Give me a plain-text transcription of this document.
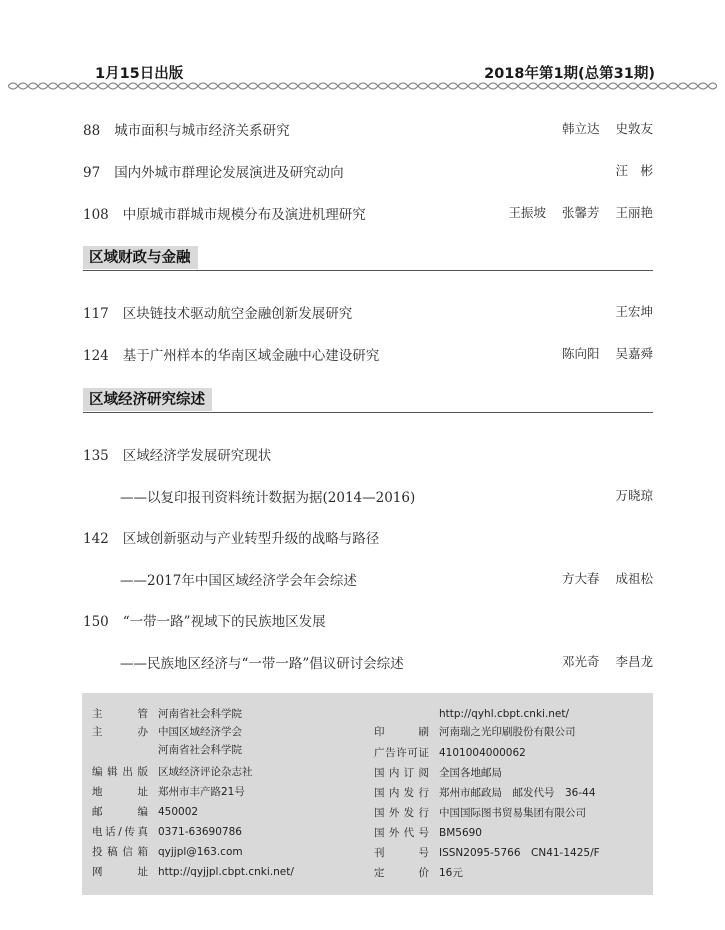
1月15日出版	2018年第1期(总第31期)
88 城市面积与城市经济关系研究	韩立达 史敦友
97 国内外城市群理论发展演进及研究动向	汪　彬
108 中原城市群城市规模分布及演进机理研究	王振坡 张馨芳 王丽艳
区域财政与金融
117 区块链技术驱动航空金融创新发展研究	王宏坤
124 基于广州样本的华南区域金融中心建设研究	陈向阳 吴嘉舜
区域经济研究综述
135 区域经济学发展研究现状
——以复印报刊资料统计数据为据(2014—2016)	万晓琼
142 区域创新驱动与产业转型升级的战略与路径
——2017年中国区域经济学会年会综述	方大春 成祖松
150 “一带一路”视域下的民族地区发展
——民族地区经济与“一带一路”倡议研讨会综述	邓光奇 李昌龙
主　管 河南省社会科学院
主　办 中国区域经济学会
河南省社会科学院
编辑出版 区域经济评论杂志社
地　址 郑州市丰产路21号
邮　编 450002
电话/传真 0371-63690786
投稿信箱 qyjjpl@163.com
网　址 http://qyjjpl.cbpt.cnki.net/
http://qyhl.cbpt.cnki.net/
印　刷 河南瑞之光印刷股份有限公司
广告许可证 4101004000062
国内订阅 全国各地邮局
国内发行 郑州市邮政局　邮发代号　36-44
国外发行 中国国际图书贸易集团有限公司
国外代号 BM5690
刊　号 ISSN2095-5766　CN41-1425/F
定　价 16元
